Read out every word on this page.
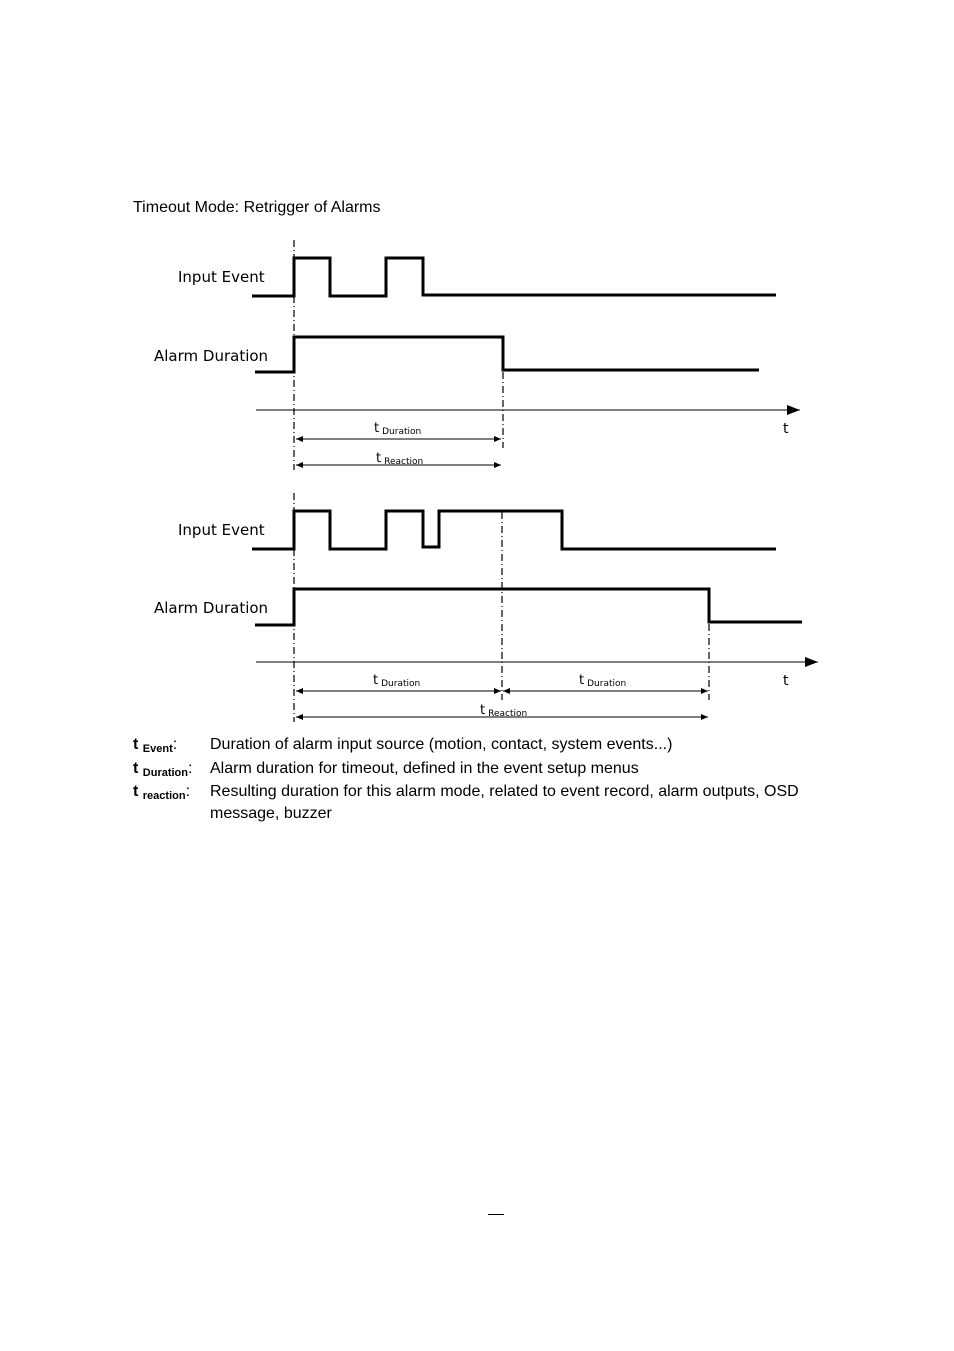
Timeout Mode: Retrigger of Alarms
Input Event
Alarm Duration
t
t Duration
t Reaction
Input Event
Alarm Duration
t
t Duration	t Duration
t Reaction
t Event:	Duration of alarm input source (motion, contact, system events...)
t Duration:	Alarm duration for timeout, defined in the event setup menus
t reaction:	Resulting duration for this alarm mode, related to event record, alarm outputs, OSD message, buzzer
